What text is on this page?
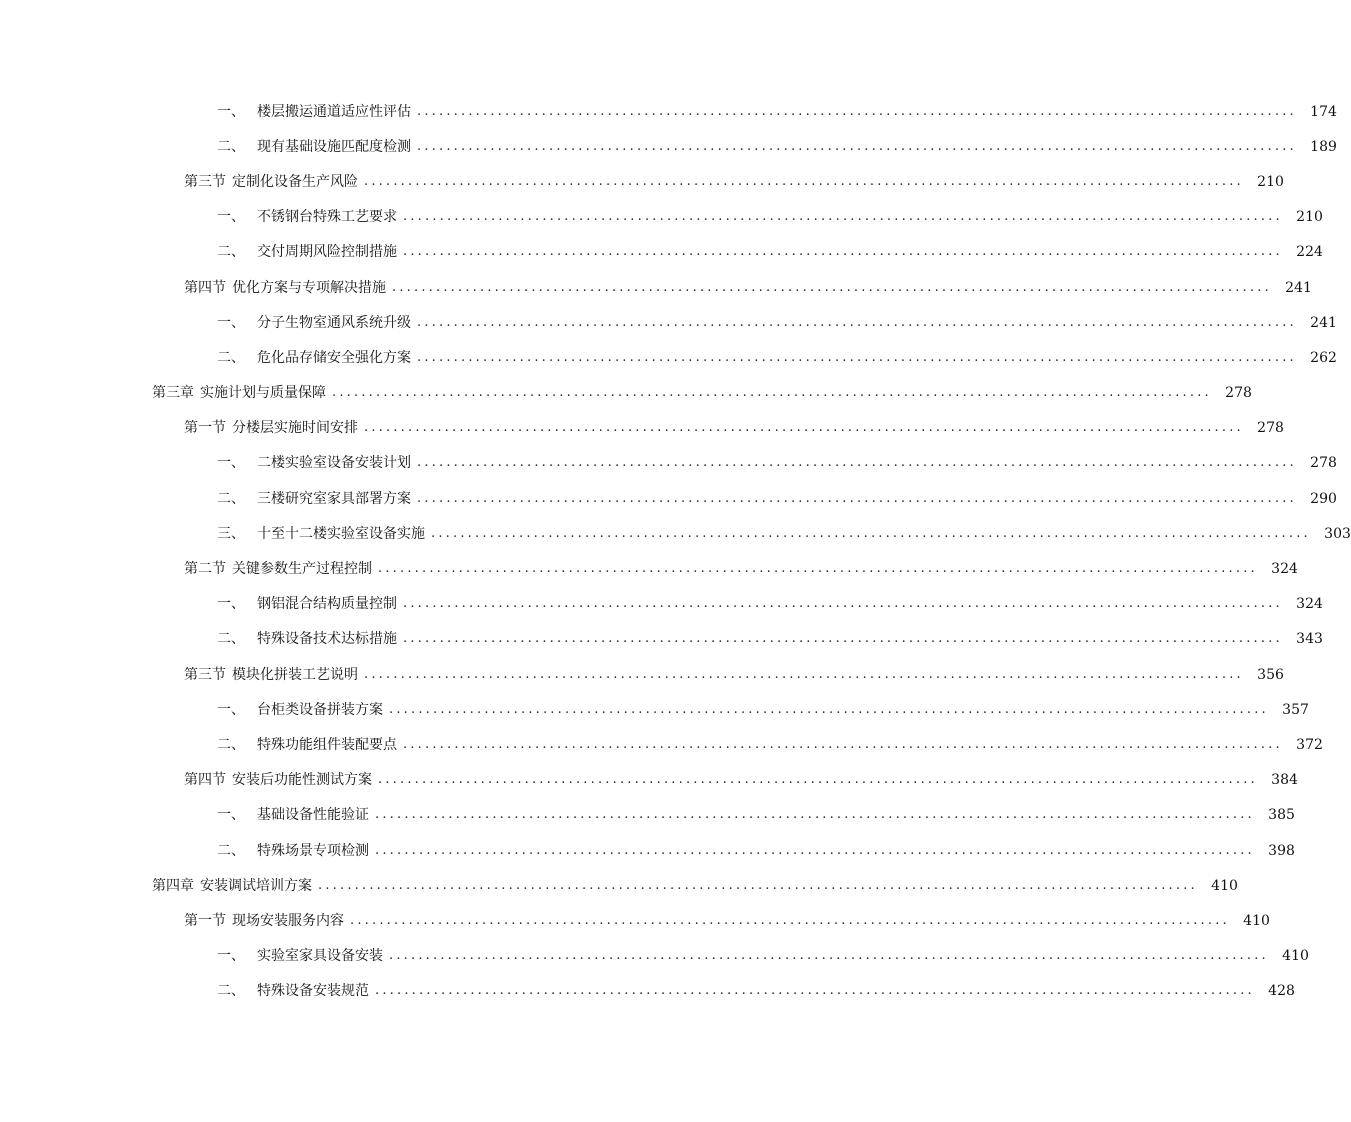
一、 楼层搬运通道适应性评估 ........................................................................................................................ 174
二、 现有基础设施匹配度检测 ........................................................................................................................ 189
第三节 定制化设备生产风险 ........................................................................................................................ 210
一、 不锈钢台特殊工艺要求 ........................................................................................................................ 210
二、 交付周期风险控制措施 ........................................................................................................................ 224
第四节 优化方案与专项解决措施 ........................................................................................................................ 241
一、 分子生物室通风系统升级 ........................................................................................................................ 241
二、 危化品存储安全强化方案 ........................................................................................................................ 262
第三章 实施计划与质量保障 ........................................................................................................................ 278
第一节 分楼层实施时间安排 ........................................................................................................................ 278
一、 二楼实验室设备安装计划 ........................................................................................................................ 278
二、 三楼研究室家具部署方案 ........................................................................................................................ 290
三、 十至十二楼实验室设备实施 ........................................................................................................................ 303
第二节 关键参数生产过程控制 ........................................................................................................................ 324
一、 钢铝混合结构质量控制 ........................................................................................................................ 324
二、 特殊设备技术达标措施 ........................................................................................................................ 343
第三节 模块化拼装工艺说明 ........................................................................................................................ 356
一、 台柜类设备拼装方案 ........................................................................................................................ 357
二、 特殊功能组件装配要点 ........................................................................................................................ 372
第四节 安装后功能性测试方案 ........................................................................................................................ 384
一、 基础设备性能验证 ........................................................................................................................ 385
二、 特殊场景专项检测 ........................................................................................................................ 398
第四章 安装调试培训方案 ........................................................................................................................ 410
第一节 现场安装服务内容 ........................................................................................................................ 410
一、 实验室家具设备安装 ........................................................................................................................ 410
二、 特殊设备安装规范 ........................................................................................................................ 428
